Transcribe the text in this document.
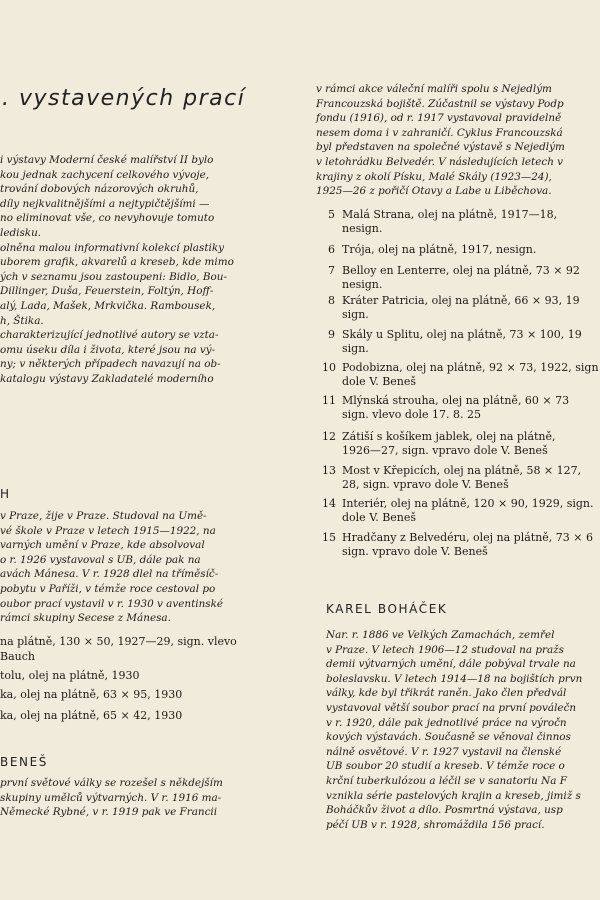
. vystavených prací
i výstavy Moderní české malířství II bylo
kou jednak zachycení celkového vývoje,
trování dobových názorových okruhů,
díly nejkvalitnějšími a nejtypičtějšími —
no eliminovat vše, co nevyhovuje tomuto
ledisku.
olněna malou informativní kolekcí plastiky
uborem grafik, akvarelů a kreseb, kde mimo
ých v seznamu jsou zastoupeni: Bidlo, Bou-
Dillinger, Duša, Feuerstein, Foltýn, Hoff-
alý, Lada, Mašek, Mrkvička. Rambousek,
h, Štika.
charakterizující jednotlivé autory se vzta-
omu úseku díla i života, které jsou na vý-
ny; v některých případech navazují na ob-
katalogu výstavy Zakladatelé moderního
H
v Praze, žije v Praze. Studoval na Umě-
vé škole v Praze v letech 1915—1922, na
varných umění v Praze, kde absolvoval
o r. 1926 vystavoval s UB, dále pak na
avách Mánesa. V r. 1928 dlel na tříměsíč-
pobytu v Paříži, v témže roce cestoval po
oubor prací vystavil v r. 1930 v aventinské
rámci skupiny Secese z Mánesa.
na plátně, 130 × 50, 1927—29, sign. vlevo
Bauch
tolu, olej na plátně, 1930
ka, olej na plátně, 63 × 95, 1930
ka, olej na plátně, 65 × 42, 1930
BENEŠ
první světové války se rozešel s někdejším
skupiny umělců výtvarných. V r. 1916 ma-
Německé Rybné, v r. 1919 pak ve Francii
v rámci akce váleční malíři spolu s Nejedlým
Francouzská bojiště. Zúčastnil se výstavy Podp
fondu (1916), od r. 1917 vystavoval pravidelně
nesem doma i v zahraničí. Cyklus Francouzská
byl představen na společné výstavě s Nejedlým
v letohrádku Belvedér. V následujících letech v
krajiny z okolí Písku, Malé Skály (1923—24),
1925—26 z pořičí Otavy a Labe u Liběchova.
5 Malá Strana, olej na plátně, 1917—18,
nesign.
6 Trója, olej na plátně, 1917, nesign.
7 Belloy en Lenterre, olej na plátně, 73 × 92
nesign.
8 Kráter Patricia, olej na plátně, 66 × 93, 19
sign.
9 Skály u Splitu, olej na plátně, 73 × 100, 19
sign.
10 Podobizna, olej na plátně, 92 × 73, 1922, sign
dole V. Beneš
11 Mlýnská strouha, olej na plátně, 60 × 73
sign. vlevo dole 17. 8. 25
12 Zátiší s košíkem jablek, olej na plátně,
1926—27, sign. vpravo dole V. Beneš
13 Most v Křepicích, olej na plátně, 58 × 127,
28, sign. vpravo dole V. Beneš
14 Interiér, olej na plátně, 120 × 90, 1929, sign.
dole V. Beneš
15 Hradčany z Belvedéru, olej na plátně, 73 × 6
sign. vpravo dole V. Beneš
KAREL BOHÁČEK
Nar. r. 1886 ve Velkých Zamachách, zemřel
v Praze. V letech 1906—12 studoval na pražs
demii výtvarných umění, dále pobýval trvale na
boleslavsku. V letech 1914—18 na bojištích prvn
války, kde byl třikrát raněn. Jako člen předvál
vystavoval větší soubor prací na první poválečn
v r. 1920, dále pak jednotlivé práce na výročn
kových výstavách. Současně se věnoval činnos
nálně osvětové. V r. 1927 vystavil na členské
UB soubor 20 studií a kreseb. V témže roce o
krční tuberkulózou a léčil se v sanatoriu Na F
vznikla série pastelových krajin a kreseb, jimiž s
Boháčkův život a dílo. Posmrtná výstava, usp
péčí UB v r. 1928, shromáždila 156 prací.
